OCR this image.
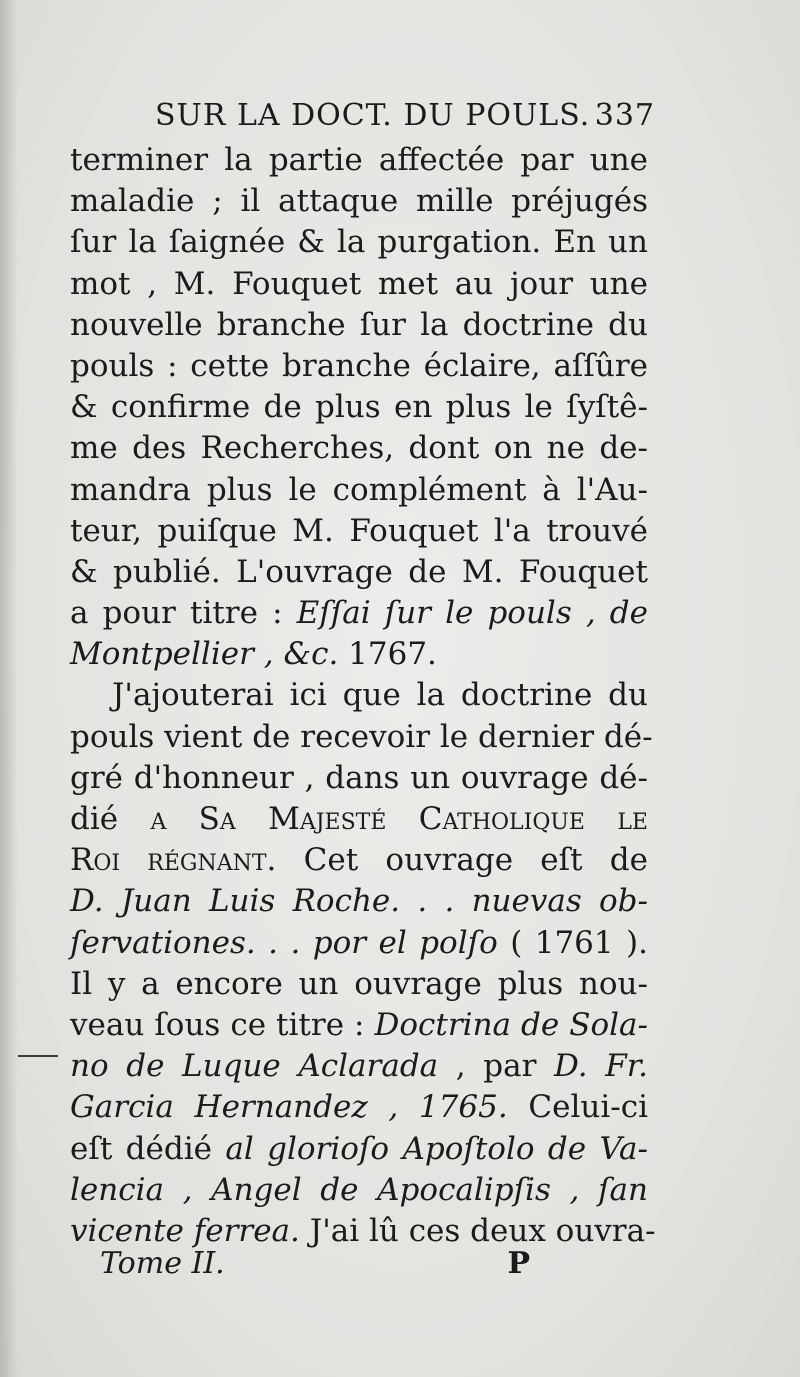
SUR LA DOCT. DU POULS. 337
terminer la partie affectée par une
maladie ; il attaque mille préjugés
ſur la ſaignée & la purgation. En un
mot , M. Fouquet met au jour une
nouvelle branche ſur la doctrine du
pouls : cette branche éclaire, aſſûre
& confirme de plus en plus le ſyſtê-
me des Recherches, dont on ne de-
mandra plus le complément à l'Au-
teur, puiſque M. Fouquet l'a trouvé
& publié. L'ouvrage de M. Fouquet
a pour titre : Eſſai ſur le pouls , de
Montpellier , &c. 1767.
J'ajouterai ici que la doctrine du
pouls vient de recevoir le dernier dé-
gré d'honneur , dans un ouvrage dé-
dié a Sa Majesté Catholique le
Roi régnant. Cet ouvrage eſt de
D. Juan Luis Roche. . . nuevas ob-
ſervationes. . . por el polſo ( 1761 ).
Il y a encore un ouvrage plus nou-
veau ſous ce titre : Doctrina de Sola-
no de Luque Aclarada , par D. Fr.
Garcia Hernandez , 1765. Celui-ci
eſt dédié al glorioſo Apoſtolo de Va-
lencia , Angel de Apocalipſis , ſan
vicente ferrea. J'ai lû ces deux ouvra-
Tome II.	P
